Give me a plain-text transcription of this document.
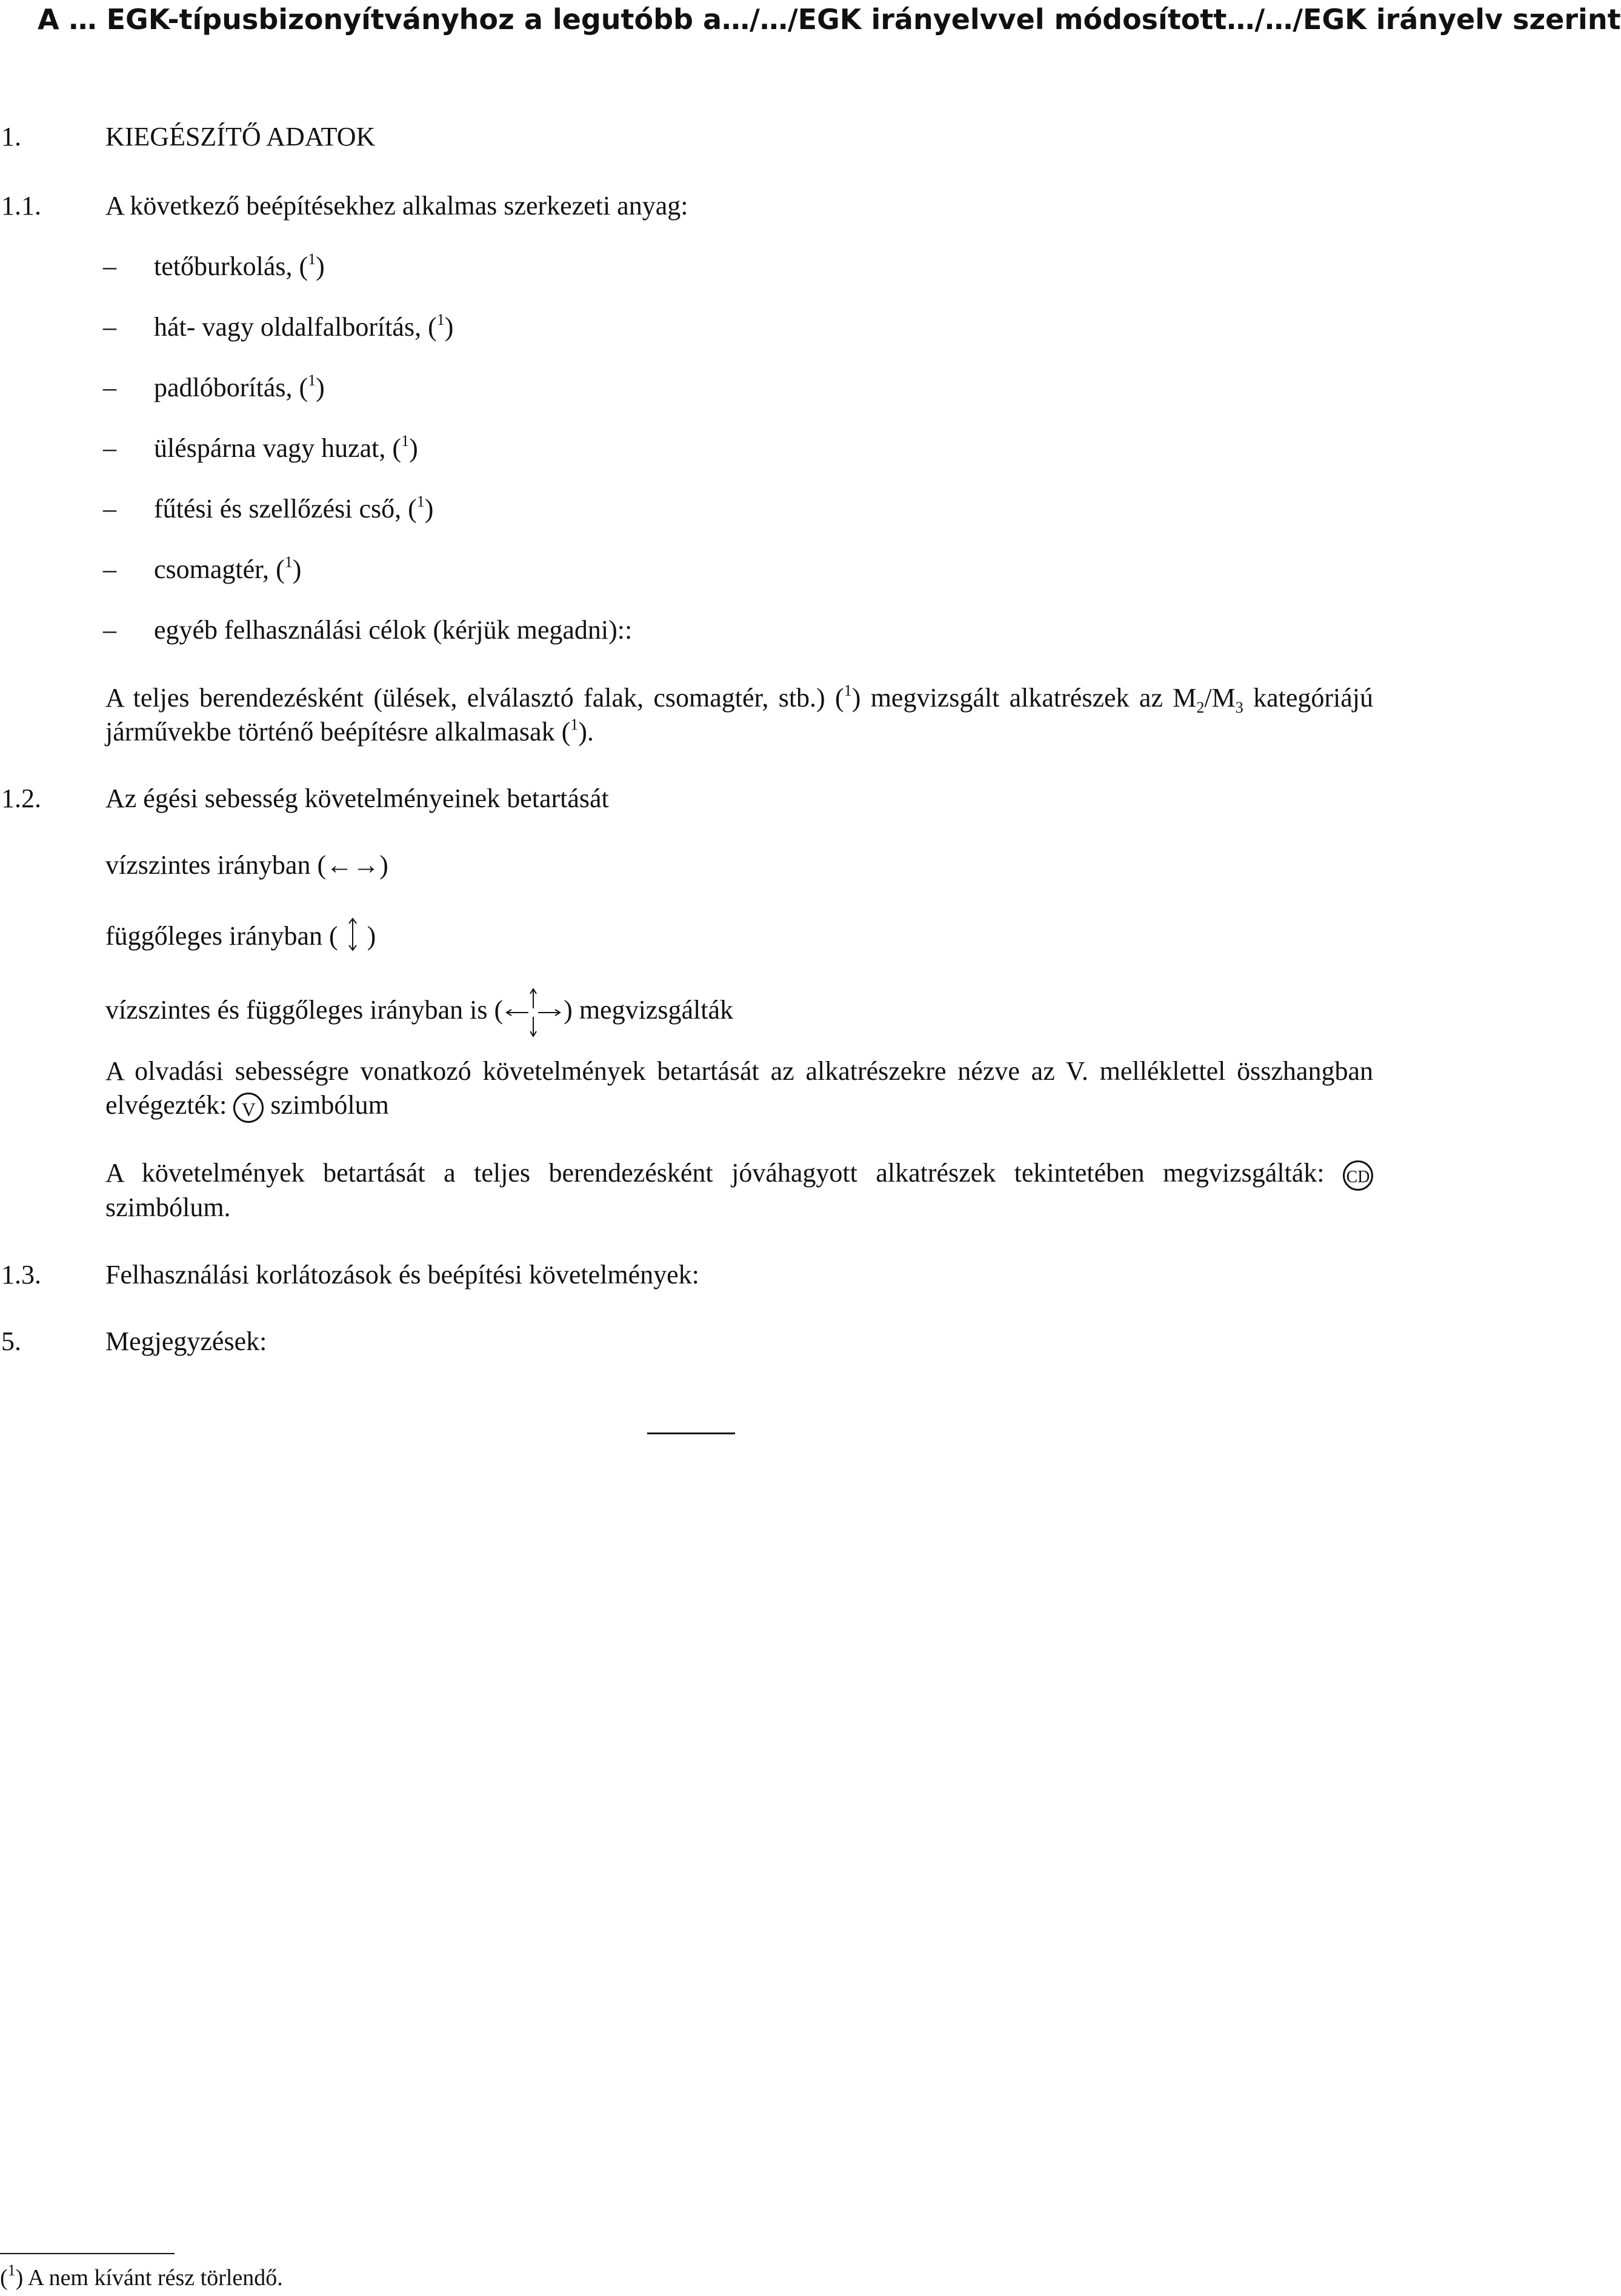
A … EGK-típusbizonyítványhoz a legutóbb a…/…/EGK irányelvvel módosított…/…/EGK irányelv szerint
1.	KIEGÉSZÍTŐ ADATOK
1.1. A következő beépítésekhez alkalmas szerkezeti anyag:
– tetőburkolás, ($^1$)
– hát- vagy oldalfalborítás, ($^1$)
– padlóborítás, ($^1$)
– üléspárna vagy huzat, ($^1$)
– fűtési és szellőzési cső, ($^1$)
– csomagtér, ($^1$)
– egyéb felhasználási célok (kérjük megadni)::
A teljes berendezésként (ülések, elválasztó falak, csomagtér, stb.) ($^1$) megvizsgált alkatrészek az $M_2/M_3$ kategóriájú járművekbe történő beépítésre alkalmasak ($^1$).
1.2. Az égési sebesség követelményeinek betartását
vízszintes irányban (←→)
függőleges irányban (  )
vízszintes és függőleges irányban is ( ) megvizsgálták
A olvadási sebességre vonatkozó követelmények betartását az alkatrészekre nézve az V. melléklettel összhangban elvégezték: V szimbólum
A követelmények betartását a teljes berendezésként jóváhagyott alkatrészek tekintetében megvizsgálták: CD szimbólum.
1.3. Felhasználási korlátozások és beépítési követelmények:
5.	Megjegyzések:
($^1$) A nem kívánt rész törlendő.
